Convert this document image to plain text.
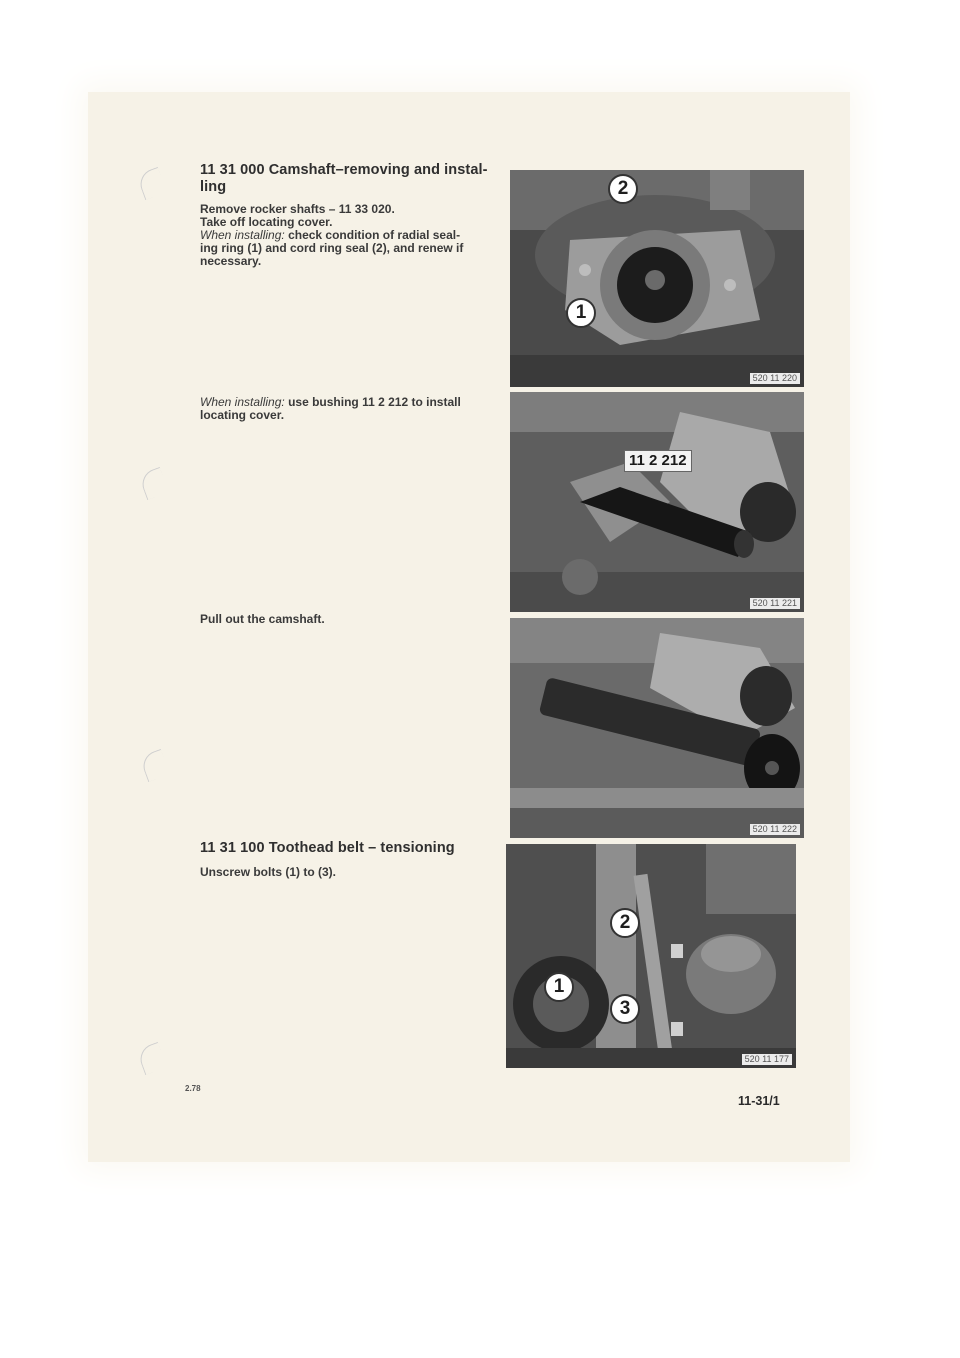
11 31 000 Camshaft–removing and instal-
ling
Remove rocker shafts – 11 33 020.
Take off locating cover.
When installing: check condition of radial seal-
ing ring (1) and cord ring seal (2), and renew if
necessary.
When installing: use bushing 11 2 212 to install
locating cover.
Pull out the camshaft.
11 31 100 Toothead belt – tensioning
Unscrew bolts (1) to (3).
2
1
520 11 220
11 2 212
520 11 221
520 11 222
2
1
3
520 11 177
2.78
11-31/1
